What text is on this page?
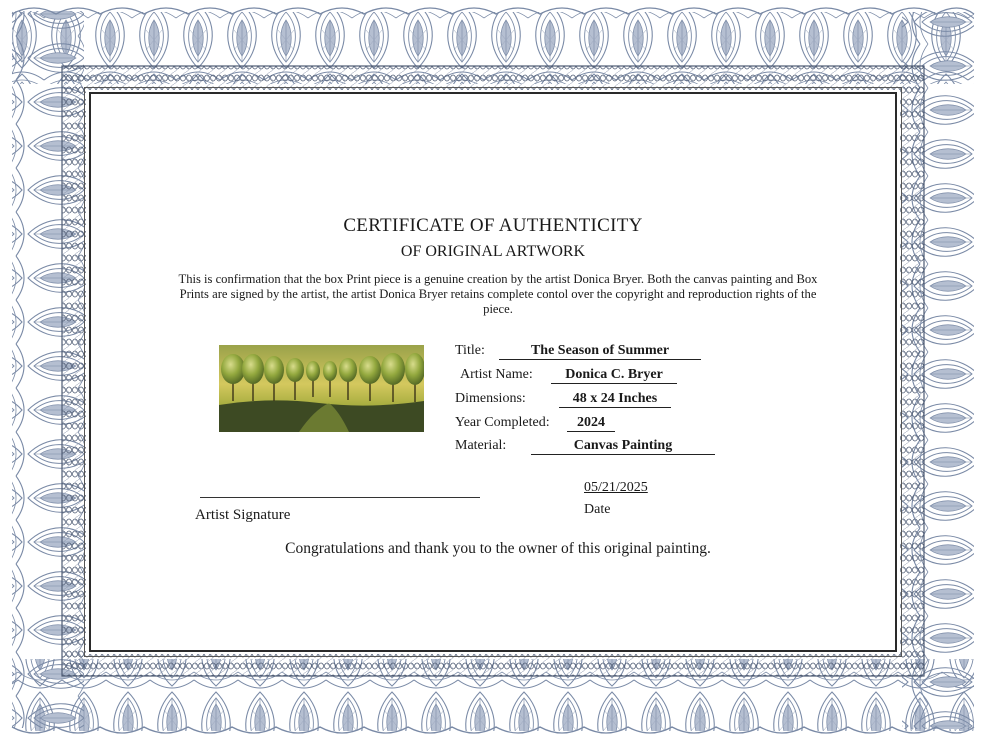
CERTIFICATE OF AUTHENTICITY
OF ORIGINAL ARTWORK
This is confirmation that the box Print piece is a genuine creation by the artist Donica Bryer. Both the canvas painting and Box Prints are signed by the artist, the artist Donica Bryer retains complete contol over the copyright and reproduction rights of the piece.
Title:	The Season of Summer
Artist Name:	Donica C. Bryer
Dimensions:	48 x 24 Inches
Year Completed:	2024
Material:	Canvas Painting
Artist Signature
05/21/2025
Date
Congratulations and thank you to the owner of this original painting.
